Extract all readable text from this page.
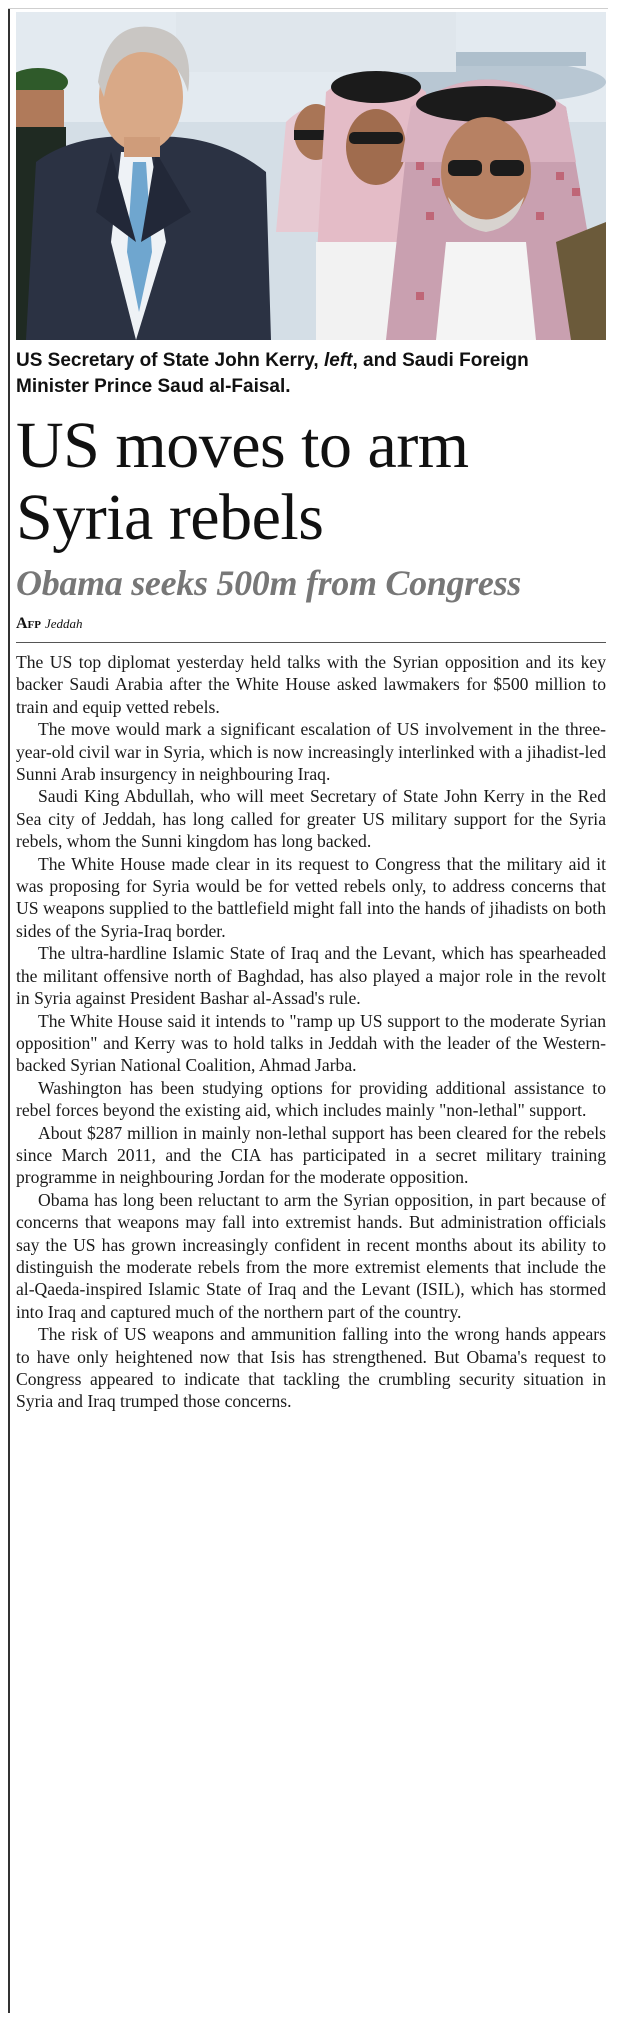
US Secretary of State John Kerry, left, and Saudi Foreign Minister Prince Saud al-Faisal.
US moves to arm
Syria rebels
Obama seeks 500m from Congress
Afp Jeddah

The US top diplomat yesterday held talks with the Syrian opposition and its key backer Saudi Arabia after the White House asked lawmakers for $500 million to train and equip vetted rebels.

The move would mark a significant escalation of US involvement in the three-year-old civil war in Syria, which is now increasingly interlinked with a jihadist-led Sunni Arab insurgency in neighbouring Iraq.

Saudi King Abdullah, who will meet Secretary of State John Kerry in the Red Sea city of Jeddah, has long called for greater US military support for the Syria rebels, whom the Sunni kingdom has long backed.

The White House made clear in its request to Congress that the military aid it was proposing for Syria would be for vetted rebels only, to address concerns that US weapons supplied to the battlefield might fall into the hands of jihadists on both sides of the Syria-Iraq border.

The ultra-hardline Islamic State of Iraq and the Levant, which has spearheaded the militant offensive north of Baghdad, has also played a major role in the revolt in Syria against President Bashar al-Assad's rule.

The White House said it intends to "ramp up US support to the moderate Syrian opposition" and Kerry was to hold talks in Jeddah with the leader of the Western-backed Syrian National Coalition, Ahmad Jarba.

Washington has been studying options for providing additional assistance to rebel forces beyond the existing aid, which includes mainly "non-lethal" support.

About $287 million in mainly non-lethal support has been cleared for the rebels since March 2011, and the CIA has participated in a secret military training programme in neighbouring Jordan for the moderate opposition.

Obama has long been reluctant to arm the Syrian opposition, in part because of concerns that weapons may fall into extremist hands. But administration officials say the US has grown increasingly confident in recent months about its ability to distinguish the moderate rebels from the more extremist elements that include the al-Qaeda-inspired Islamic State of Iraq and the Levant (ISIL), which has stormed into Iraq and captured much of the northern part of the country.

The risk of US weapons and ammunition falling into the wrong hands appears to have only heightened now that Isis has strengthened. But Obama's request to Congress appeared to indicate that tackling the crumbling security situation in Syria and Iraq trumped those concerns.
